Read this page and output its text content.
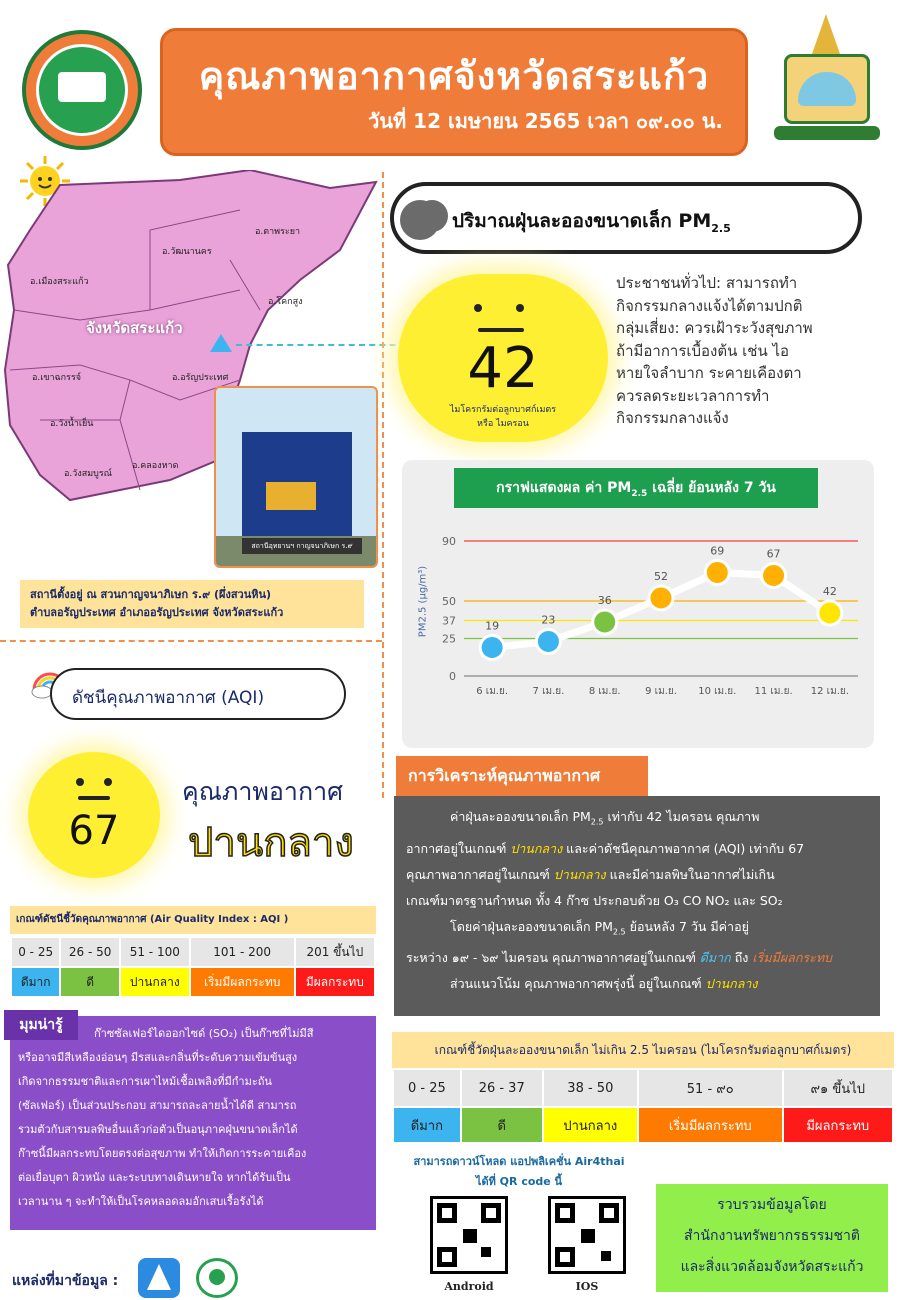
คุณภาพอากาศจังหวัดสระแก้ว
วันที่ 12 เมษายน 2565 เวลา ๐๙.๐๐ น.
อ.ตาพระยา
อ.วัฒนานคร
อ.เมืองสระแก้ว
อ.โคกสูง
จังหวัดสระแก้ว
อ.เขาฉกรรจ์	อ.อรัญประเทศ
อ.วังน้ำเย็น
อ.คลองหาด
อ.วังสมบูรณ์
สถานีอุทยานฯ กาญจนาภิเษก ร.๙
สถานีตั้งอยู่ ณ สวนกาญจนาภิเษก ร.๙ (ผึ่งสวนหิน)
ตำบลอรัญประเทศ อำเภออรัญประเทศ จังหวัดสระแก้ว
ปริมาณฝุ่นละอองขนาดเล็ก $PM_{2.5}$
42
ไมโครกรัมต่อลูกบาศก์เมตร
หรือ ไมครอน
ประชาชนทั่วไป: สามารถทำ
กิจกรรมกลางแจ้งได้ตามปกติ
กลุ่มเสี่ยง: ควรเฝ้าระวังสุขภาพ
ถ้ามีอาการเบื้องต้น เช่น ไอ
หายใจลำบาก ระคายเคืองตา
ควรลดระยะเวลาการทำ
กิจกรรมกลางแจ้ง
กราฟแสดงผล ค่า $PM_{2.5}$ เฉลี่ย ย้อนหลัง 7 วัน
PM2.5 (μg/m³)
0
25
37
50
90
19
6 เม.ย.
23
7 เม.ย.
36
8 เม.ย.
52
9 เม.ย.
69
10 เม.ย.
67
11 เม.ย.
42
12 เม.ย.
การวิเคราะห์คุณภาพอากาศ
ค่าฝุ่นละอองขนาดเล็ก $PM_{2.5}$ เท่ากับ 42 ไมครอน คุณภาพ
อากาศอยู่ในเกณฑ์ ปานกลาง และค่าดัชนีคุณภาพอากาศ (AQI) เท่ากับ 67
คุณภาพอากาศอยู่ในเกณฑ์ ปานกลาง และมีค่ามลพิษในอากาศไม่เกิน
เกณฑ์มาตรฐานกำหนด ทั้ง 4 ก๊าซ ประกอบด้วย O₃ CO NO₂ และ SO₂
โดยค่าฝุ่นละอองขนาดเล็ก $PM_{2.5}$ ย้อนหลัง 7 วัน มีค่าอยู่
ระหว่าง ๑๙ - ๖๙ ไมครอน คุณภาพอากาศอยู่ในเกณฑ์ ดีมาก ถึง เริ่มมีผลกระทบ
ส่วนแนวโน้ม คุณภาพอากาศพรุ่งนี้ อยู่ในเกณฑ์ ปานกลาง
ดัชนีคุณภาพอากาศ (AQI)
67
คุณภาพอากาศ
ปานกลาง
เกณฑ์ดัชนีชี้วัดคุณภาพอากาศ (Air Quality Index : AQI )
0 - 25	26 - 50	51 - 100	101 - 200	201 ขึ้นไป
ดีมาก	ดี	ปานกลาง	เริ่มมีผลกระทบ	มีผลกระทบ
ก๊าซซัลเฟอร์ไดออกไซด์ (SO₂) เป็นก๊าซที่ไม่มีสี
หรืออาจมีสีเหลืองอ่อนๆ มีรสและกลิ่นที่ระดับความเข้มข้นสูง
เกิดจากธรรมชาติและการเผาไหม้เชื้อเพลิงที่มีกำมะถัน
(ซัลเฟอร์) เป็นส่วนประกอบ สามารถละลายน้ำได้ดี สามารถ
รวมตัวกับสารมลพิษอื่นแล้วก่อตัวเป็นอนุภาคฝุ่นขนาดเล็กได้
ก๊าซนี้มีผลกระทบโดยตรงต่อสุขภาพ ทำให้เกิดการระคายเคือง
ต่อเยื่อบุตา ผิวหนัง และระบบทางเดินหายใจ หากได้รับเป็น
เวลานาน ๆ จะทำให้เป็นโรคหลอดลมอักเสบเรื้อรังได้
มุมน่ารู้
แหล่งที่มาข้อมูล :
เกณฑ์ชี้วัดฝุ่นละอองขนาดเล็ก ไม่เกิน 2.5 ไมครอน (ไมโครกรัมต่อลูกบาศก์เมตร)
0 - 25	26 - 37	38 - 50	51 - ๙๐	๙๑ ขึ้นไป
ดีมาก	ดี	ปานกลาง	เริ่มมีผลกระทบ	มีผลกระทบ
สามารถดาวน์โหลด แอปพลิเคชั่น Air4thai
ได้ที่ QR code นี้
Android	IOS
รวบรวมข้อมูลโดย
สำนักงานทรัพยากรธรรมชาติ
และสิ่งแวดล้อมจังหวัดสระแก้ว
